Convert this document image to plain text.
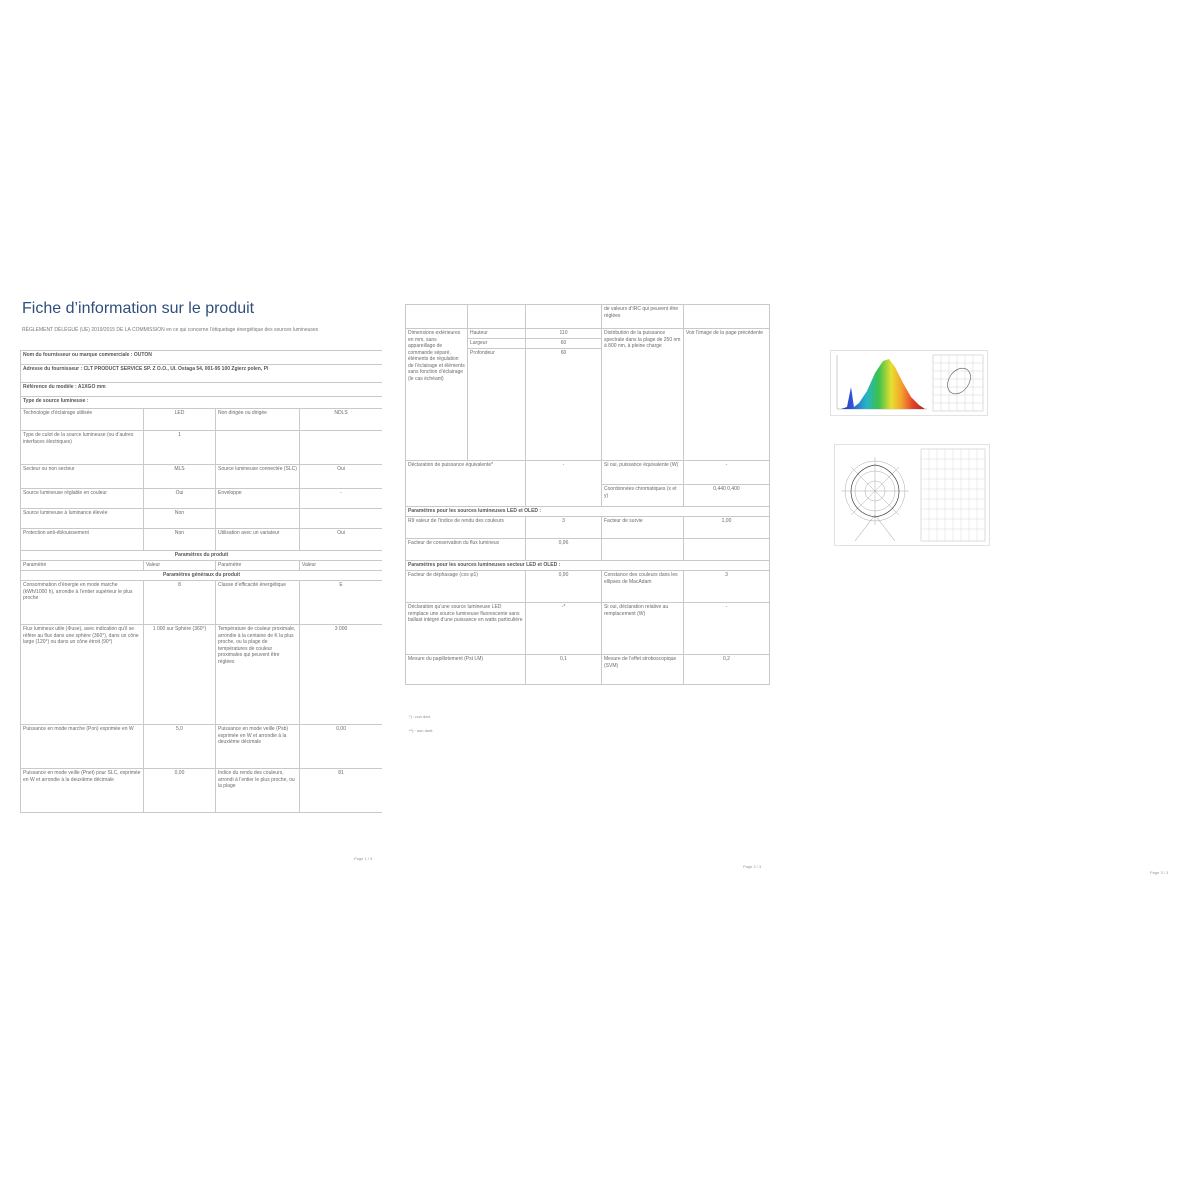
Fiche d’information sur le produit
RÈGLEMENT DÉLÉGUÉ (UE) 2019/2015 DE LA COMMISSION en ce qui concerne l’étiquetage énergétique des sources lumineuses
Nom du fournisseur ou marque commerciale : OUTON			
Adresse du fournisseur : CLT PRODUCT SERVICE SP. Z O.O., Ul. Ostaga 54, 001-95 100 Zgierz polen, Pl			
Référence du modèle : A1XGO mm			
Type de source lumineuse :			
Technologie d’éclairage utilisée	LED	Non dirigée ou dirigée	NDLS
Type de culot de la source lumineuse (ou d’autres interfaces électriques)	1		
Secteur ou non secteur	MLS	Source lumineuse connectée (SLC)	Oui
Source lumineuse réglable en couleur	Oui	Enveloppe	-
Source lumineuse à luminance élevée	Non		
Protection anti-éblouissement	Non	Utilisation avec un variateur	Oui
Paramètres du produit			
Paramètre	Valeur	Paramètre	Valeur
Paramètres généraux du produit			
Consommation d’énergie en mode marche (kWh/1000 h), arrondie à l’entier supérieur le plus proche	8	Classe d’efficacité énergétique	E
Flux lumineux utile (Φuse), avec indication qu’il se réfère au flux dans une sphère (360°), dans un cône large (120°) ou dans un cône étroit (90°)	1 000 sur Sphère (360°)	Température de couleur proximale, arrondie à la centaine de K la plus proche, ou la plage de températures de couleur proximales qui peuvent être réglées	3 000
Puissance en mode marche (Pon) exprimée en W	5,0	Puissance en mode veille (Psb) exprimée en W et arrondie à la deuxième décimale	0,00
Puissance en mode veille (Pnet) pour SLC, exprimée en W et arrondie à la deuxième décimale	0,00	Indice du rendu des couleurs, arrondi à l’entier le plus proche, ou la plage	81
Page 1 / 3
			de valeurs d’IRC qui peuvent être réglées	
Dimensions extérieures en mm, sans appareillage de commande séparé, éléments de régulation de l’éclairage et éléments sans fonction d’éclairage (le cas échéant)	Hauteur	110	Distribution de la puissance spectrale dans la plage de 250 nm à 800 nm, à pleine charge	Voir l’image de la page précédente
	Largeur	60		
	Profondeur	60		
Déclaration de puissance équivalente*		-	Si oui, puissance équivalente (W)	-
			Coordonnées chromatiques (x et y)	0,440 0,400
Paramètres pour les sources lumineuses LED et OLED :				
R9 valeur de l’indice de rendu des couleurs		3	Facteur de survie	1,00
Facteur de conservation du flux lumineux		0,96		
Paramètres pour les sources lumineuses secteur LED et OLED :				
Facteur de déphasage (cos φ1)		0,90	Constance des couleurs dans les ellipses de MacAdam	3
Déclaration qu’une source lumineuse LED remplace une source lumineuse fluorescente sans ballast intégré d’une puissance en watts particulière		-*	Si oui, déclaration relative au remplacement (W)	-
Mesure du papillotement (Pst LM)		0,1	Mesure de l’effet stroboscopique (SVM)	0,2
*) : non dort.
**) : non dont.
Page 2 / 3
Page 3 / 3
